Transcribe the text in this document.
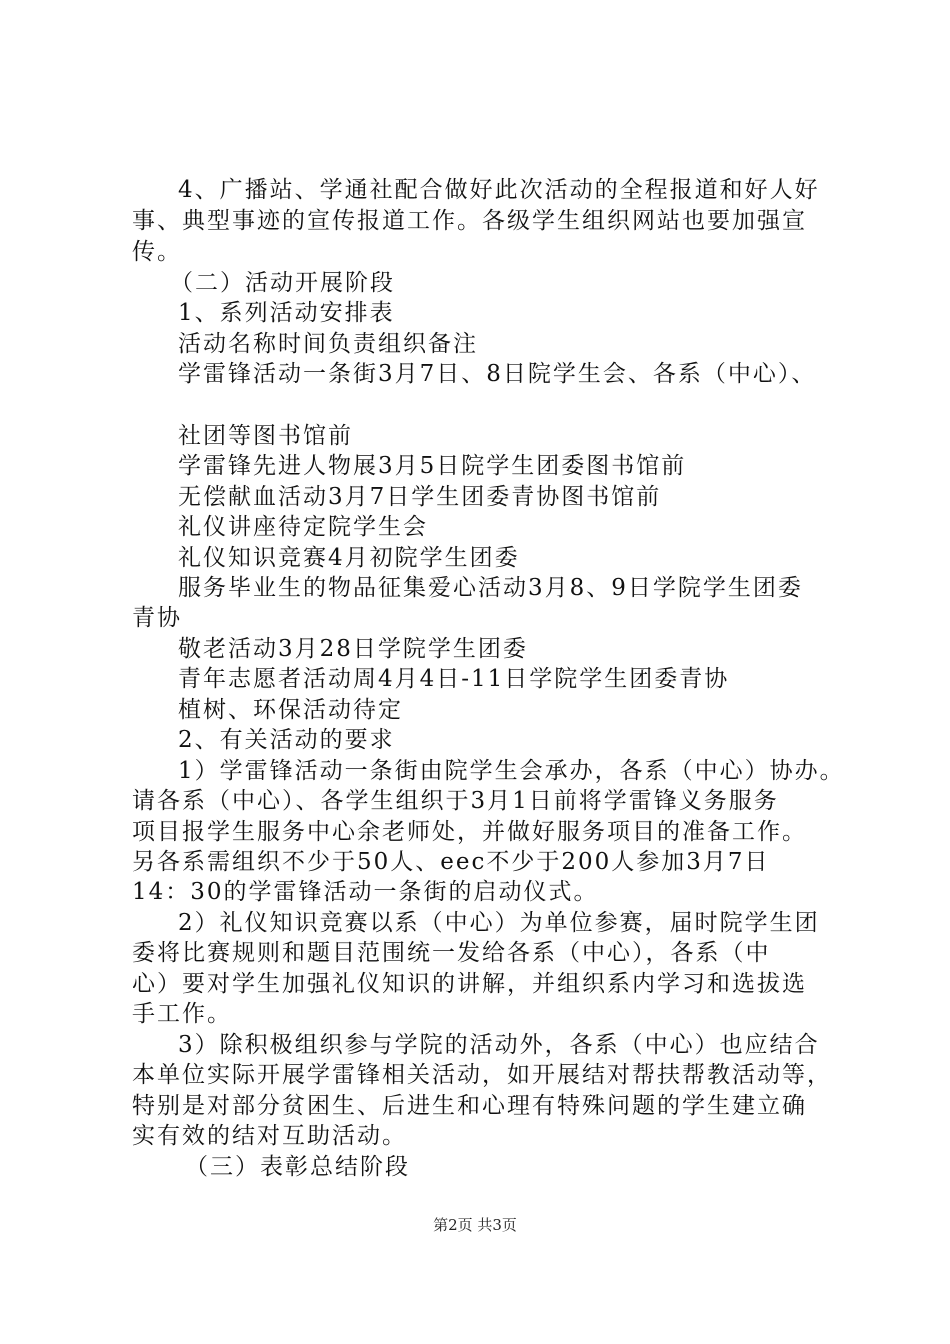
4、广播站、学通社配合做好此次活动的全程报道和好人好
事、典型事迹的宣传报道工作。各级学生组织网站也要加强宣
传。
（二）活动开展阶段
1、系列活动安排表
活动名称时间负责组织备注
学雷锋活动一条街3月7日、8日院学生会、各系（中心）、
社团等图书馆前
学雷锋先进人物展3月5日院学生团委图书馆前
无偿献血活动3月7日学生团委青协图书馆前
礼仪讲座待定院学生会
礼仪知识竞赛4月初院学生团委
服务毕业生的物品征集爱心活动3月8、9日学院学生团委
青协
敬老活动3月28日学院学生团委
青年志愿者活动周4月4日-11日学院学生团委青协
植树、环保活动待定
2、有关活动的要求
1）学雷锋活动一条街由院学生会承办，各系（中心）协办。
请各系（中心）、各学生组织于3月1日前将学雷锋义务服务
项目报学生服务中心余老师处，并做好服务项目的准备工作。
另各系需组织不少于50人、eec不少于200人参加3月7日
14：30的学雷锋活动一条街的启动仪式。
2）礼仪知识竞赛以系（中心）为单位参赛，届时院学生团
委将比赛规则和题目范围统一发给各系（中心），各系（中
心）要对学生加强礼仪知识的讲解，并组织系内学习和选拔选
手工作。
3）除积极组织参与学院的活动外，各系（中心）也应结合
本单位实际开展学雷锋相关活动，如开展结对帮扶帮教活动等，
特别是对部分贫困生、后进生和心理有特殊问题的学生建立确
实有效的结对互助活动。
（三）表彰总结阶段
第2页 共3页
